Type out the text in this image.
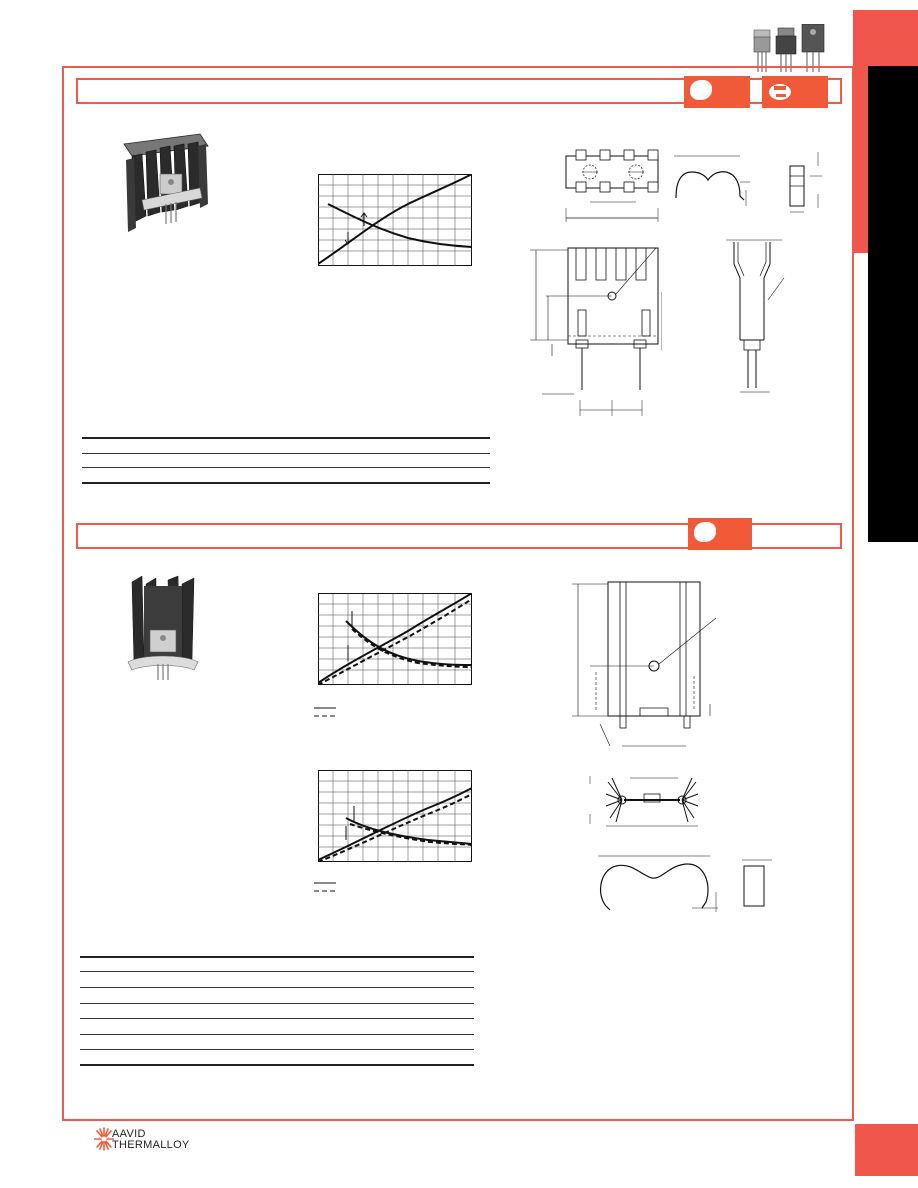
AAVID
THERMALLOY
